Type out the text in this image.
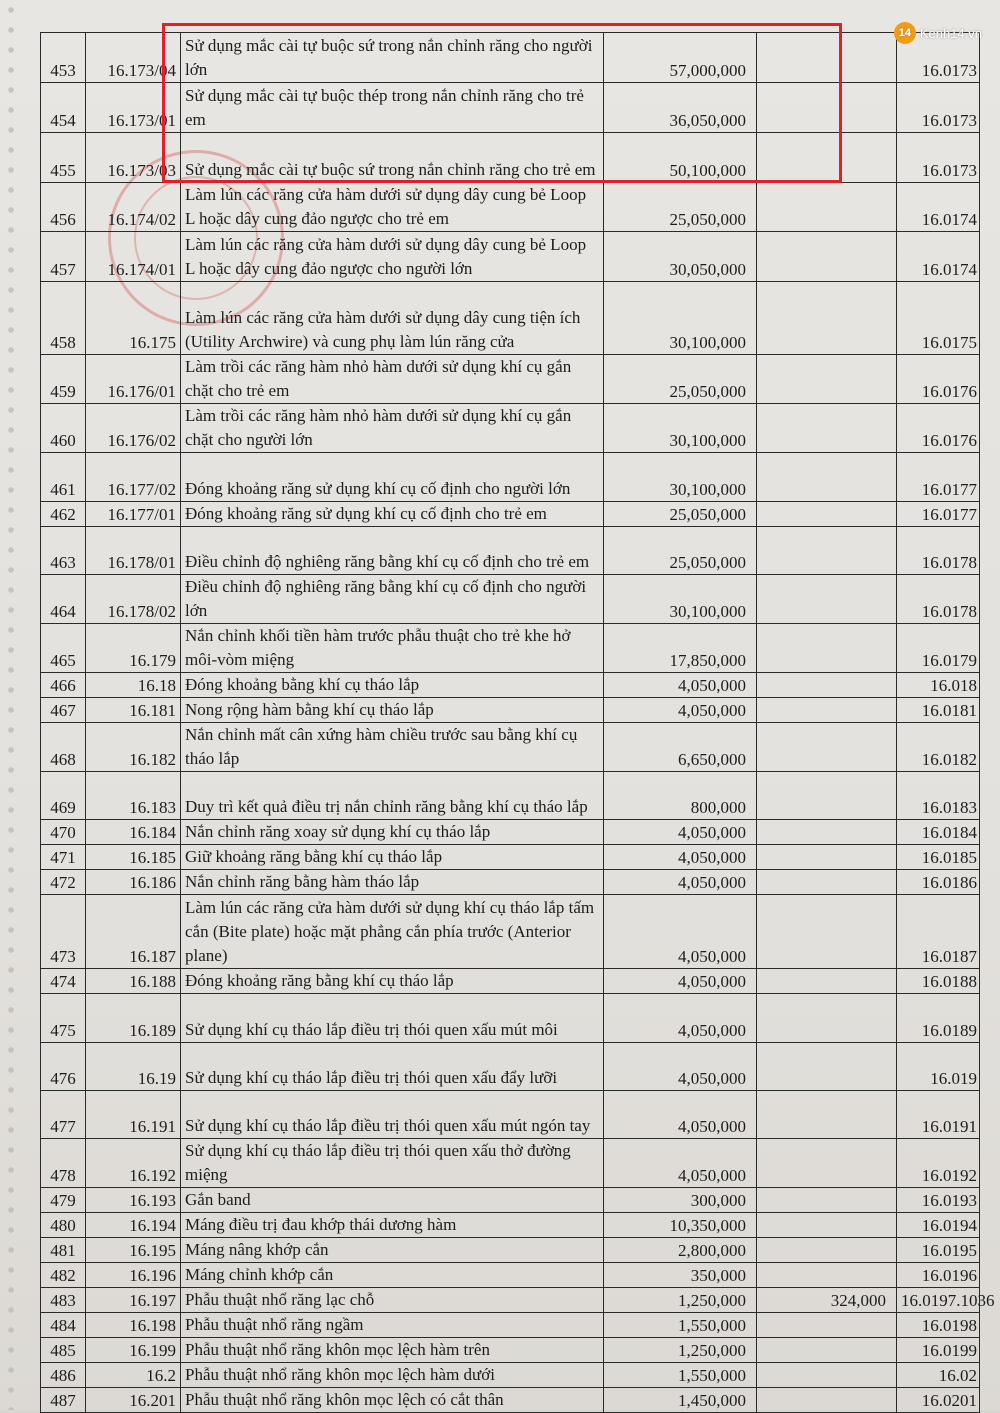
453	16.173/04	Sử dụng mắc cài tự buộc sứ trong nắn chỉnh răng cho người lớn	57,000,000		16.0173
454	16.173/01	Sử dụng mắc cài tự buộc thép trong nắn chỉnh răng cho trẻ em	36,050,000		16.0173
455	16.173/03	Sử dụng mắc cài tự buộc sứ trong nắn chỉnh răng cho trẻ em	50,100,000		16.0173
456	16.174/02	Làm lún các răng cửa hàm dưới sử dụng dây cung bẻ Loop L hoặc dây cung đảo ngược cho trẻ em	25,050,000		16.0174
457	16.174/01	Làm lún các răng cửa hàm dưới sử dụng dây cung bẻ Loop L hoặc dây cung đảo ngược cho người lớn	30,050,000		16.0174
458	16.175	Làm lún các răng cửa hàm dưới sử dụng dây cung tiện ích (Utility Archwire) và cung phụ làm lún răng cửa	30,100,000		16.0175
459	16.176/01	Làm trồi các răng hàm nhỏ hàm dưới sử dụng khí cụ gắn chặt cho trẻ em	25,050,000		16.0176
460	16.176/02	Làm trồi các răng hàm nhỏ hàm dưới sử dụng khí cụ gắn chặt cho người lớn	30,100,000		16.0176
461	16.177/02	Đóng khoảng răng sử dụng khí cụ cố định cho người lớn	30,100,000		16.0177
462	16.177/01	Đóng khoảng răng sử dụng khí cụ cố định cho trẻ em	25,050,000		16.0177
463	16.178/01	Điều chỉnh độ nghiêng răng bằng khí cụ cố định cho trẻ em	25,050,000		16.0178
464	16.178/02	Điều chỉnh độ nghiêng răng bằng khí cụ cố định cho người lớn	30,100,000		16.0178
465	16.179	Nắn chỉnh khối tiền hàm trước phẫu thuật cho trẻ khe hở môi-vòm miệng	17,850,000		16.0179
466	16.18	Đóng khoảng bằng khí cụ tháo lắp	4,050,000		16.018
467	16.181	Nong rộng hàm bằng khí cụ tháo lắp	4,050,000		16.0181
468	16.182	Nắn chỉnh mất cân xứng hàm chiều trước sau bằng khí cụ tháo lắp	6,650,000		16.0182
469	16.183	Duy trì kết quả điều trị nắn chỉnh răng bằng khí cụ tháo lắp	800,000		16.0183
470	16.184	Nắn chỉnh răng xoay sử dụng khí cụ tháo lắp	4,050,000		16.0184
471	16.185	Giữ khoảng răng bằng khí cụ tháo lắp	4,050,000		16.0185
472	16.186	Nắn chỉnh răng bằng hàm tháo lắp	4,050,000		16.0186
473	16.187	Làm lún các răng cửa hàm dưới sử dụng khí cụ tháo lắp tấm cắn (Bite plate) hoặc mặt phẳng cắn phía trước (Anterior plane)	4,050,000		16.0187
474	16.188	Đóng khoảng răng bằng khí cụ tháo lắp	4,050,000		16.0188
475	16.189	Sử dụng khí cụ tháo lắp điều trị thói quen xấu mút môi	4,050,000		16.0189
476	16.19	Sử dụng khí cụ tháo lắp điều trị thói quen xấu đẩy lưỡi	4,050,000		16.019
477	16.191	Sử dụng khí cụ tháo lắp điều trị thói quen xấu mút ngón tay	4,050,000		16.0191
478	16.192	Sử dụng khí cụ tháo lắp điều trị thói quen xấu thở đường miệng	4,050,000		16.0192
479	16.193	Gắn band	300,000		16.0193
480	16.194	Máng điều trị đau khớp thái dương hàm	10,350,000		16.0194
481	16.195	Máng nâng khớp cắn	2,800,000		16.0195
482	16.196	Máng chỉnh khớp cắn	350,000		16.0196
483	16.197	Phẫu thuật nhổ răng lạc chỗ	1,250,000	324,000	16.0197.1036
484	16.198	Phẫu thuật nhổ răng ngầm	1,550,000		16.0198
485	16.199	Phẫu thuật nhổ răng khôn mọc lệch hàm trên	1,250,000		16.0199
486	16.2	Phẫu thuật nhổ răng khôn mọc lệch hàm dưới	1,550,000		16.02
487	16.201	Phẫu thuật nhổ răng khôn mọc lệch có cắt thân	1,450,000		16.0201
14 Kenh14.vn
